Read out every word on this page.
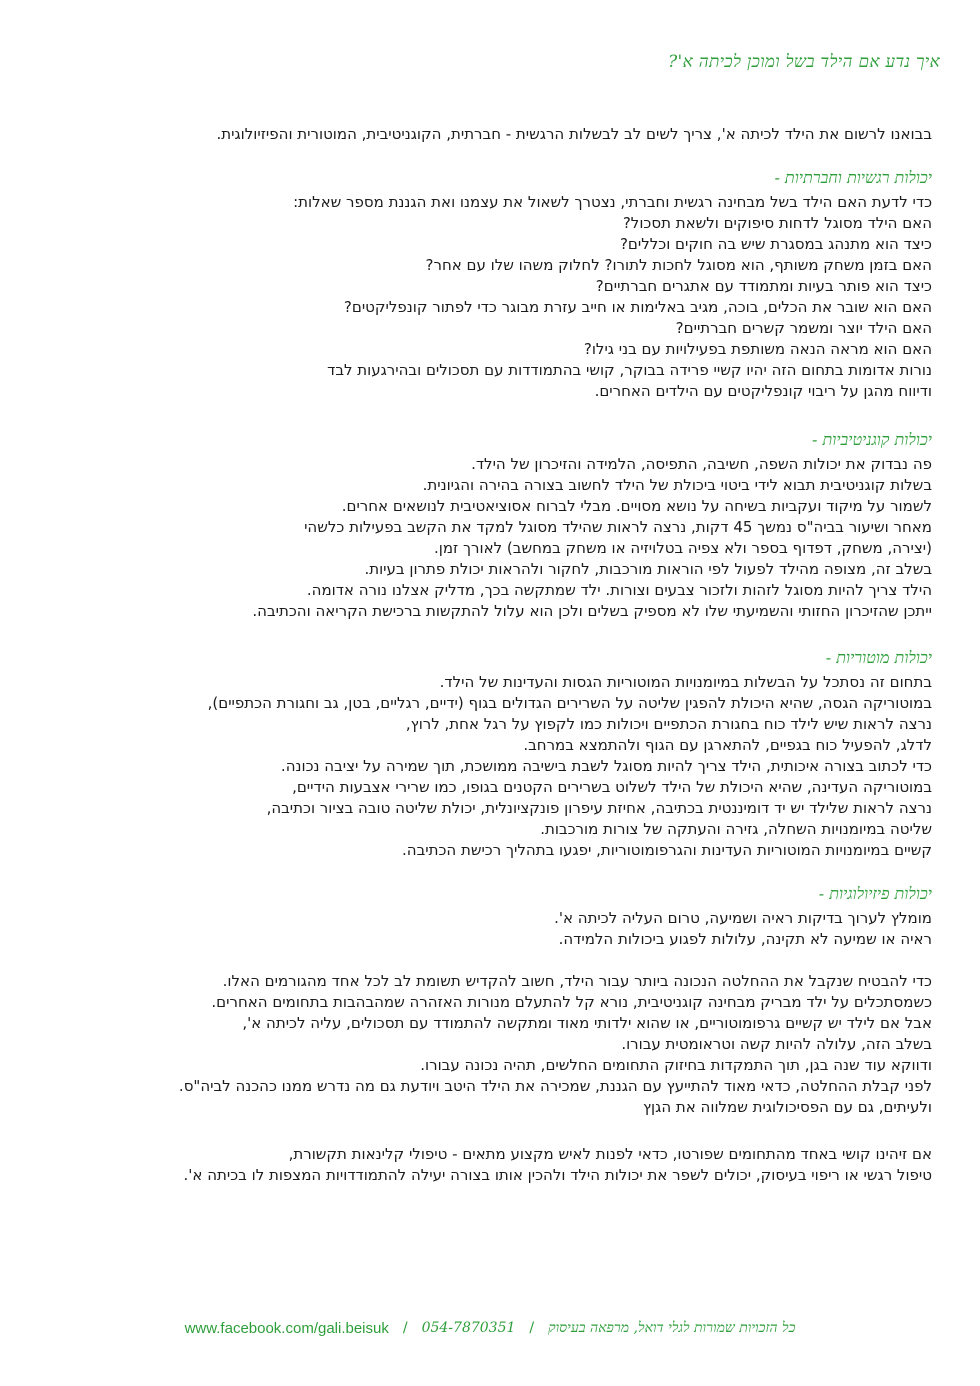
איך נדע אם הילד בשל ומוכן לכיתה א'?
בבואנו לרשום את הילד לכיתה א', צריך לשים לב לבשלות הרגשית - חברתית, הקוגניטיבית, המוטורית והפיזיולוגית.
יכולות רגשיות וחברתיות -
כדי לדעת האם הילד בשל מבחינה רגשית וחברתי, נצטרך לשאול את עצמנו ואת הגננת מספר שאלות:
האם הילד מסוגל לדחות סיפוקים ולשאת תסכול?
כיצד הוא מתנהג במסגרת שיש בה חוקים וכללים?
האם בזמן משחק משותף, הוא מסוגל לחכות לתורו? לחלוק משהו שלו עם אחר?
כיצד הוא פותר בעיות ומתמודד עם אתגרים חברתיים?
האם הוא שובר את הכלים, בוכה, מגיב באלימות או חייב עזרת מבוגר כדי לפתור קונפליקטים?
האם הילד יוצר ומשמר קשרים חברתיים?
האם הוא מראה הנאה משותפת בפעילויות עם בני גילו?
נורות אדומות בתחום הזה יהיו קשיי פרידה בבוקר, קושי בהתמודדות עם תסכולים ובהירגעות לבד
ודיווח מהגן על ריבוי קונפליקטים עם הילדים האחרים.
יכולות קוגניטיביות -
פה נבדוק את יכולות השפה, חשיבה, התפיסה, הלמידה והזיכרון של הילד.
בשלות קוגניטיבית תבוא לידי ביטוי ביכולת של הילד לחשוב בצורה בהירה והגיונית.
לשמור על מיקוד ועקביות בשיחה על נושא מסויים. מבלי לברוח אסוציאטיבית לנושאים אחרים.
מאחר ושיעור בביה"ס נמשך 45 דקות, נרצה לראות שהילד מסוגל למקד את הקשב בפעילות כלשהי
(יצירה, משחק, דפדוף בספר ולא צפיה בטלויזיה או משחק במחשב) לאורך זמן.
בשלב זה, מצופה מהילד לפעול לפי הוראות מורכבות, לחקור ולהראות יכולת פתרון בעיות.
הילד צריך להיות מסוגל לזהות ולזכור צבעים וצורות. ילד שמתקשה בכך, מדליק אצלנו נורה אדומה.
ייתכן שהזיכרון החזותי והשמיעתי שלו לא מספיק בשלים ולכן הוא עלול להתקשות ברכישת הקריאה והכתיבה.
יכולות מוטוריות -
בתחום זה נסתכל על הבשלות במיומנויות המוטוריות הגסות והעדינות של הילד.
במוטוריקה הגסה, שהיא היכולת להפגין שליטה על השרירים הגדולים בגוף (ידיים, רגליים, בטן, גב וחגורת הכתפיים),
נרצה לראות שיש לילד כוח בחגורת הכתפיים ויכולות כמו לקפוץ על רגל אחת, לרוץ,
לדלג, להפעיל כוח בגפיים, להתארגן עם הגוף ולהתמצא במרחב.
כדי לכתוב בצורה איכותית, הילד צריך להיות מסוגל לשבת בישיבה ממושכת, תוך שמירה על יציבה נכונה.
במוטוריקה העדינה, שהיא היכולת של הילד לשלוט בשרירים הקטנים בגופו, כמו שרירי אצבעות הידיים,
נרצה לראות שלילד יש יד דומיננטית בכתיבה, אחיזת עיפרון פונקציונלית, יכולת שליטה טובה בציור וכתיבה,
שליטה במיומנויות השחלה, גזירה והעתקה של צורות מורכבות.
קשיים במיומנויות המוטוריות העדינות והגרפומוטוריות, יפגעו בתהליך רכישת הכתיבה.
יכולות פיזיולוגיות -
מומלץ לערוך בדיקות ראיה ושמיעה, טרום העליה לכיתה א'.
ראיה או שמיעה לא תקינה, עלולות לפגוע ביכולות הלמידה.
כדי להבטיח שנקבל את ההחלטה הנכונה ביותר עבור הילד, חשוב להקדיש תשומת לב לכל אחד מהגורמים האלו.
כשמסתכלים על ילד מבריק מבחינה קוגניטיבית, נורא קל להתעלם מנורות האזהרה שמהבהבות בתחומים האחרים.
אבל אם לילד יש קשיים גרפומוטוריים, או שהוא ילדותי מאוד ומתקשה להתמודד עם תסכולים, עליה לכיתה א',
בשלב הזה, עלולה להיות קשה וטראומטית עבורו.
ודווקא עוד שנה בגן, תוך התמקדות בחיזוק התחומים החלשים, תהיה נכונה עבורו.
לפני קבלת ההחלטה, כדאי מאוד להתייעץ עם הגננת, שמכירה את הילד היטב ויודעת גם מה נדרש ממנו כהכנה לביה"ס.
ולעיתים, גם עם הפסיכולוגית שמלווה את הגןץ
אם זיהינו קושי באחד מהתחומים שפורטו, כדאי לפנות לאיש מקצוע מתאים - טיפולי קלינאות תקשורת,
טיפול רגשי או ריפוי בעיסוק, יכולים לשפר את יכולות הילד ולהכין אותו בצורה יעילה להתמודדויות המצפות לו בכיתה א'.
כל הזכויות שמורות לגלי דואל, מרפאה בעיסוק
/
054-7870351
/
www.facebook.com/gali.beisuk
